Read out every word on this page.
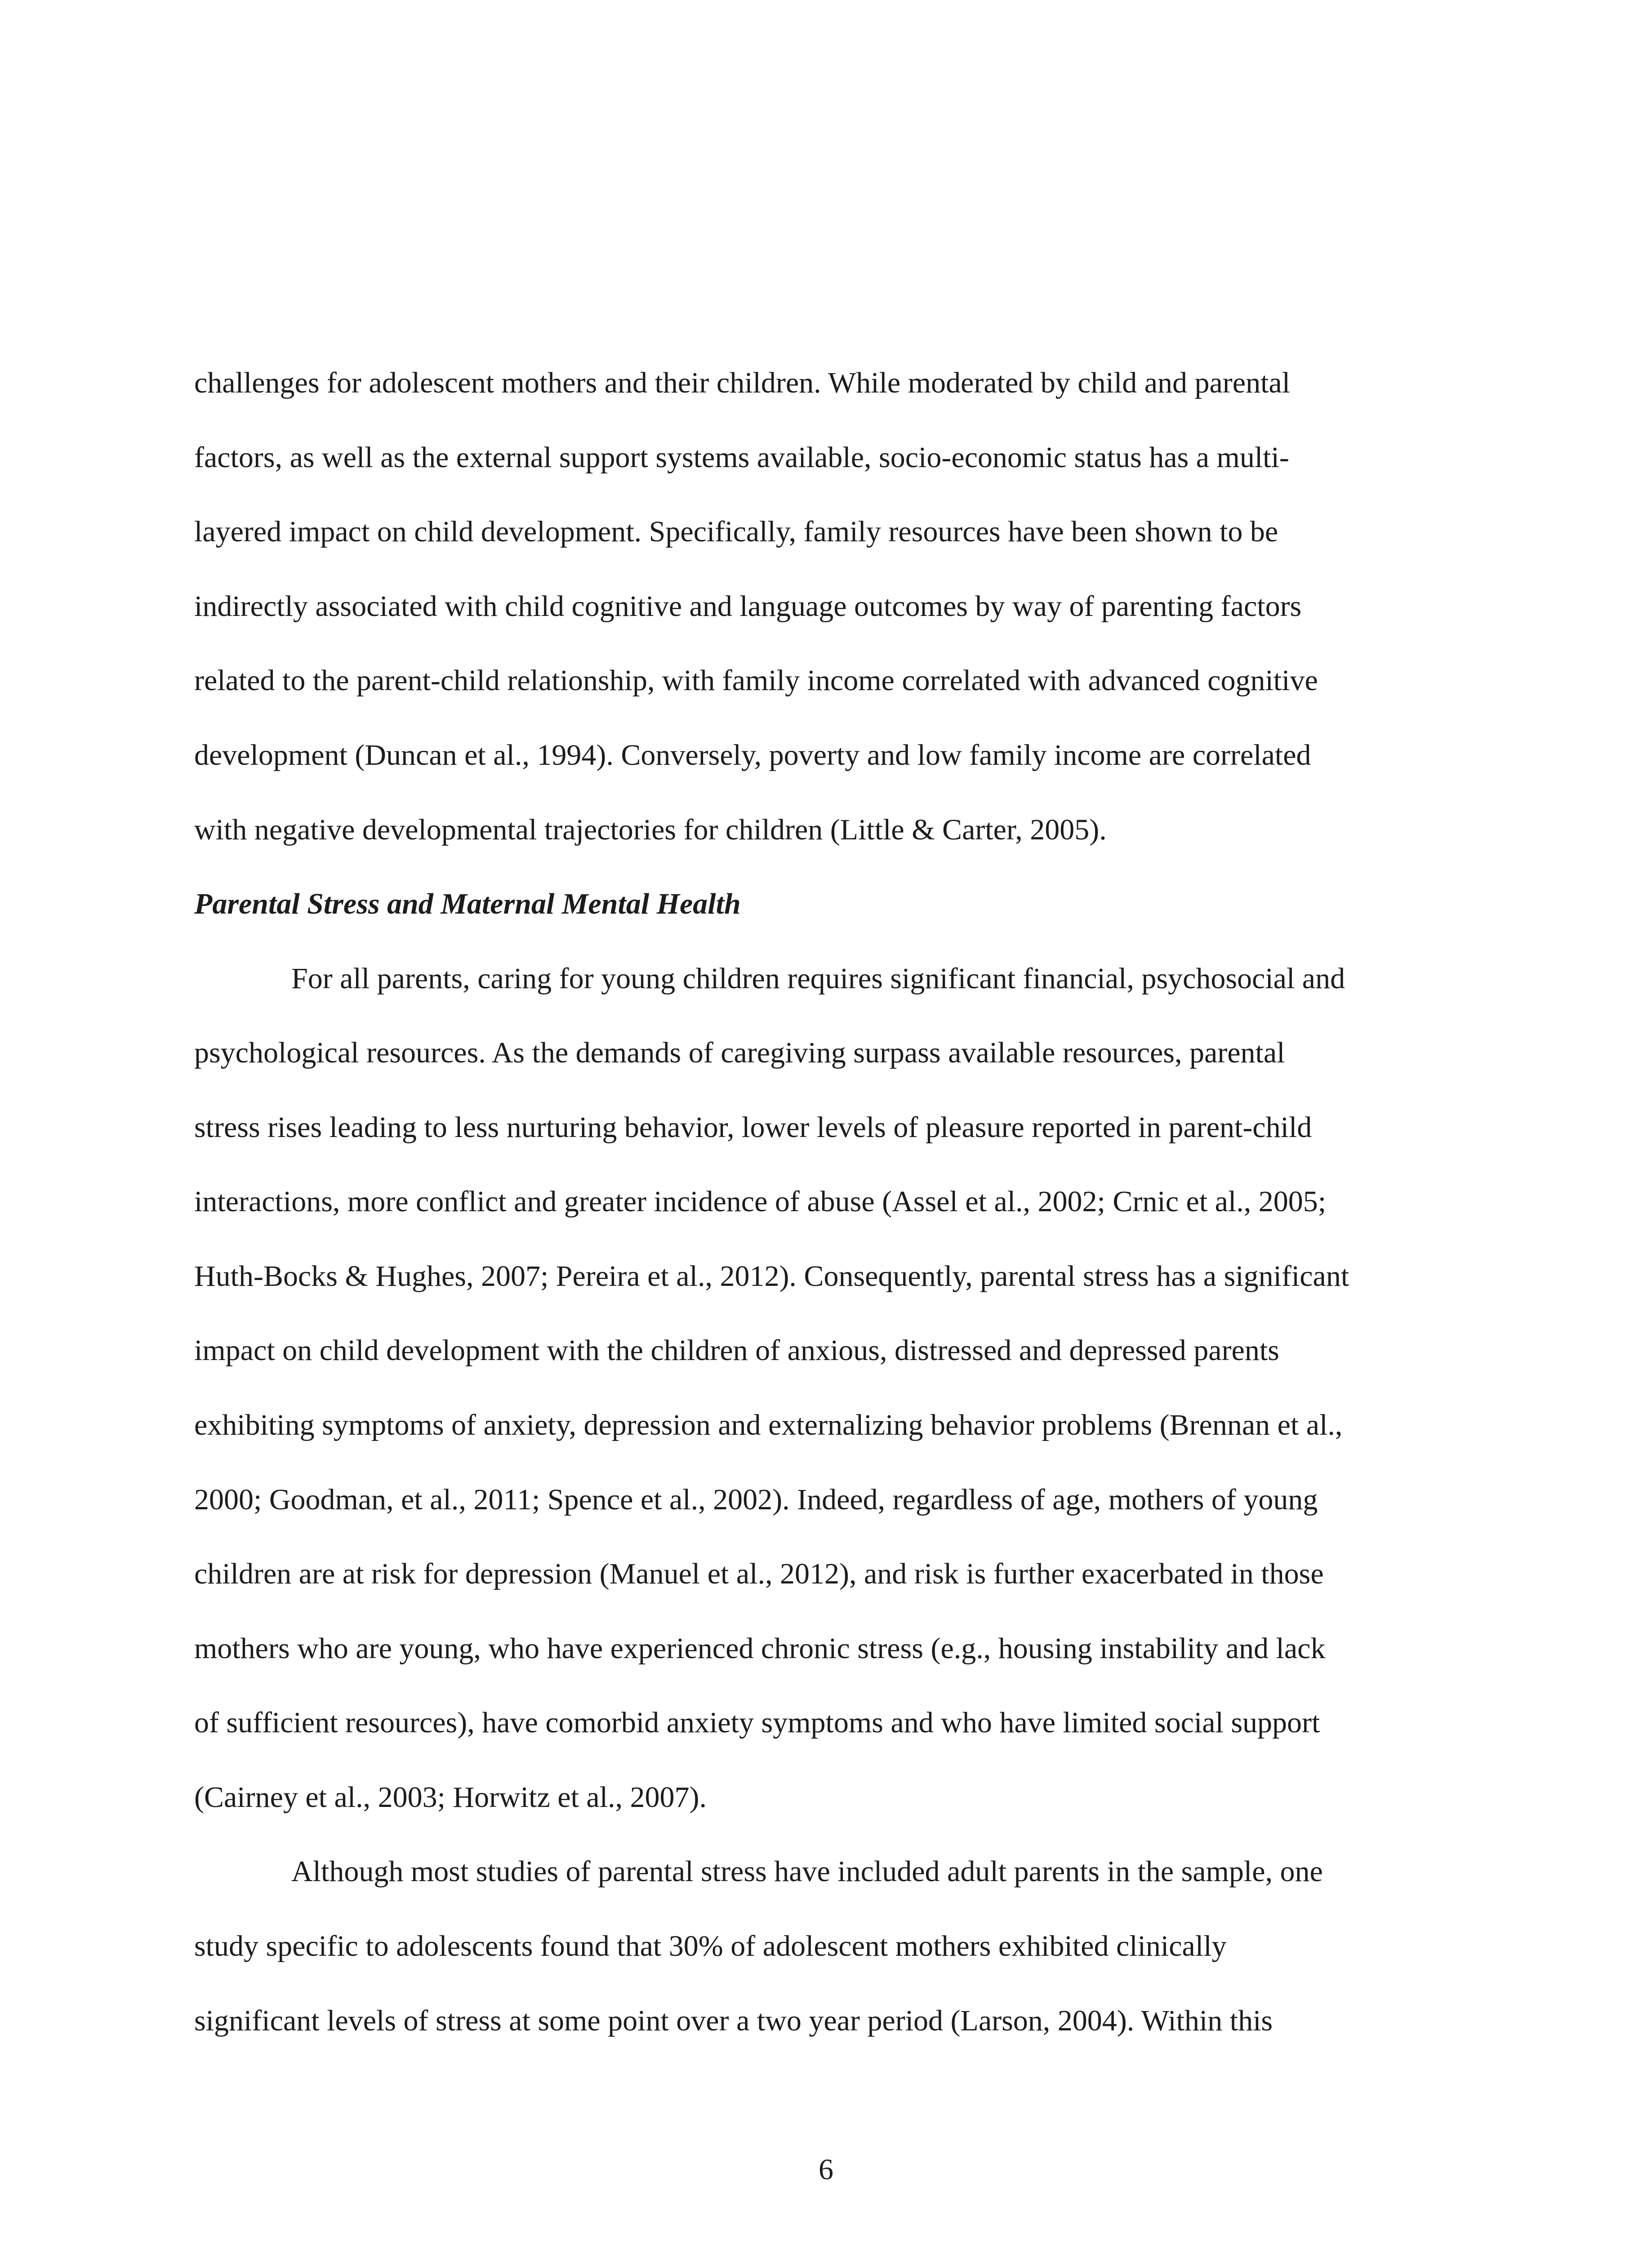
challenges for adolescent mothers and their children. While moderated by child and parental
factors, as well as the external support systems available, socio-economic status has a multi-
layered impact on child development. Specifically, family resources have been shown to be
indirectly associated with child cognitive and language outcomes by way of parenting factors
related to the parent-child relationship, with family income correlated with advanced cognitive
development (Duncan et al., 1994). Conversely, poverty and low family income are correlated
with negative developmental trajectories for children (Little & Carter, 2005).
Parental Stress and Maternal Mental Health
For all parents, caring for young children requires significant financial, psychosocial and
psychological resources. As the demands of caregiving surpass available resources, parental
stress rises leading to less nurturing behavior, lower levels of pleasure reported in parent-child
interactions, more conflict and greater incidence of abuse (Assel et al., 2002; Crnic et al., 2005;
Huth-Bocks & Hughes, 2007; Pereira et al., 2012). Consequently, parental stress has a significant
impact on child development with the children of anxious, distressed and depressed parents
exhibiting symptoms of anxiety, depression and externalizing behavior problems (Brennan et al.,
2000; Goodman, et al., 2011; Spence et al., 2002). Indeed, regardless of age, mothers of young
children are at risk for depression (Manuel et al., 2012), and risk is further exacerbated in those
mothers who are young, who have experienced chronic stress (e.g., housing instability and lack
of sufficient resources), have comorbid anxiety symptoms and who have limited social support
(Cairney et al., 2003; Horwitz et al., 2007).
Although most studies of parental stress have included adult parents in the sample, one
study specific to adolescents found that 30% of adolescent mothers exhibited clinically
significant levels of stress at some point over a two year period (Larson, 2004). Within this
6
